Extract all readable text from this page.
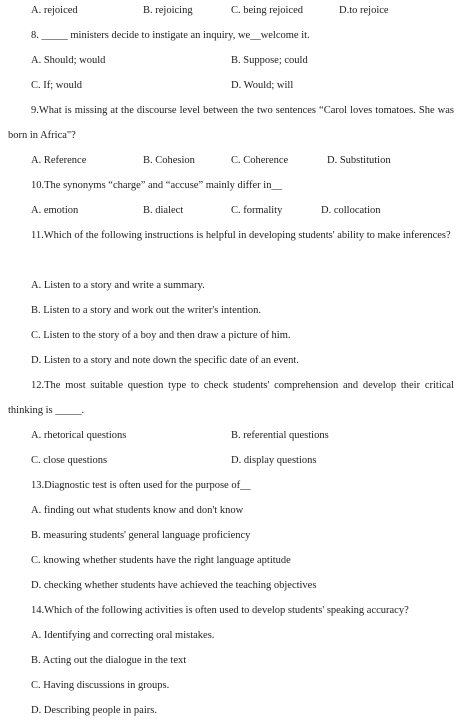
A. rejoiced	B. rejoicing	C. being rejoiced	D.to rejoice
8. _____ ministers decide to instigate an inquiry, we__welcome it.
A. Should; would	B. Suppose; could
C. If; would	D. Would; will
9.What is missing at the discourse level between the two sentences “Carol loves tomatoes. She was born in Africa"?
A. Reference	B. Cohesion	C. Coherence	D. Substitution
10.The synonyms “charge” and “accuse” mainly differ in__
A. emotion	B. dialect	C. formality	D. collocation
11.Which of the following instructions is helpful in developing students' ability to make inferences?
A. Listen to a story and write a summary.
B. Listen to a story and work out the writer's intention.
C. Listen to the story of a boy and then draw a picture of him.
D. Listen to a story and note down the specific date of an event.
12.The most suitable question type to check students' comprehension and develop their critical thinking is _____.
A. rhetorical questions	B. referential questions
C. close questions	D. display questions
13.Diagnostic test is often used for the purpose of__
A. finding out what students know and don't know
B. measuring students' general language proficiency
C. knowing whether students have the right language aptitude
D. checking whether students have achieved the teaching objectives
14.Which of the following activities is often used to develop students' speaking accuracy?
A. Identifying and correcting oral mistakes.
B. Acting out the dialogue in the text
C. Having discussions in groups.
D. Describing people in pairs.
